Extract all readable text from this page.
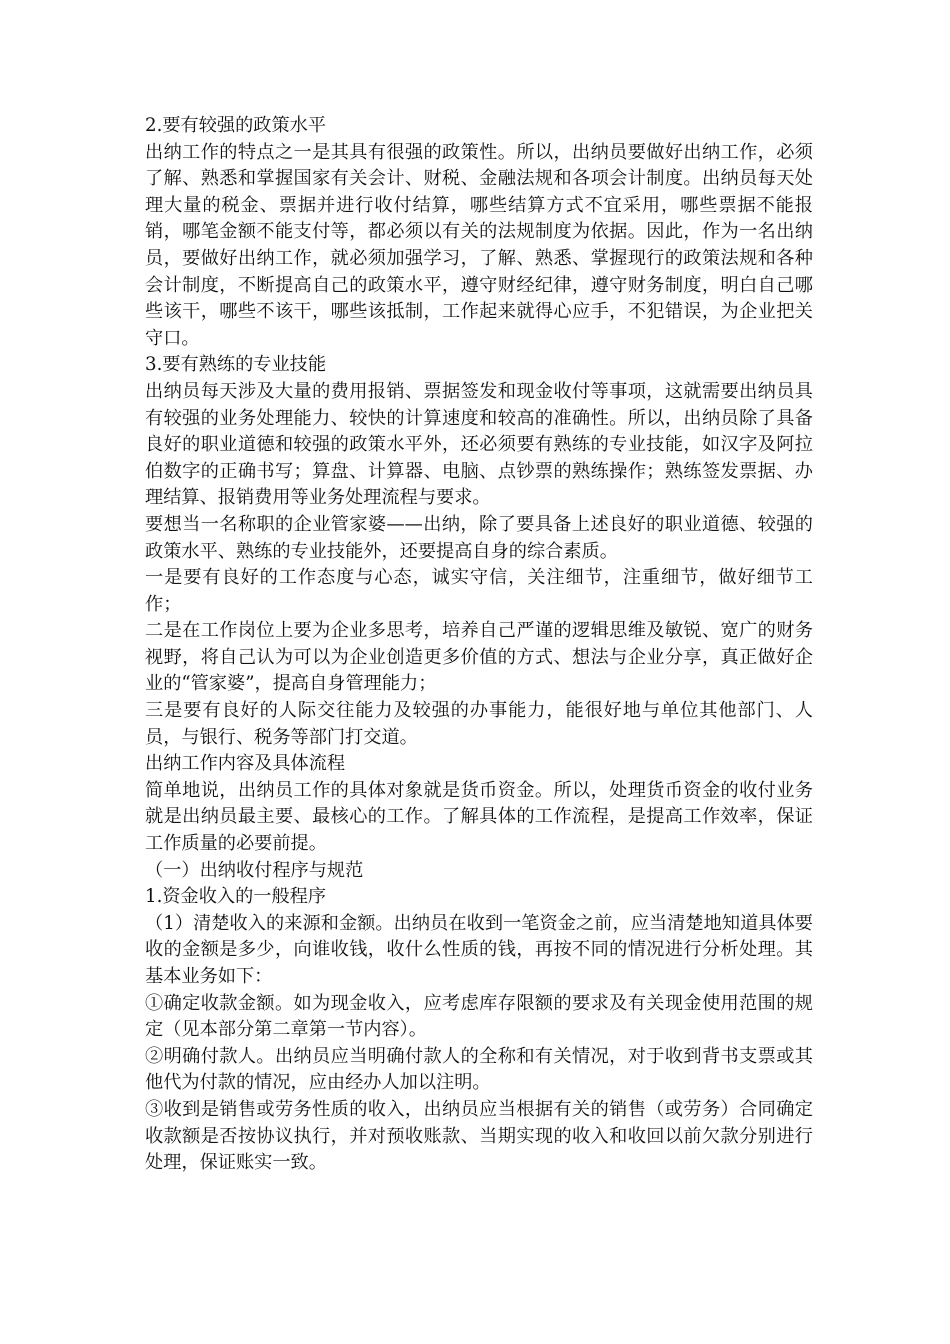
2.要有较强的政策水平

出纳工作的特点之一是其具有很强的政策性。所以，出纳员要做好出纳工作，必须了解、熟悉和掌握国家有关会计、财税、金融法规和各项会计制度。出纳员每天处理大量的税金、票据并进行收付结算，哪些结算方式不宜采用，哪些票据不能报销，哪笔金额不能支付等，都必须以有关的法规制度为依据。因此，作为一名出纳员，要做好出纳工作，就必须加强学习，了解、熟悉、掌握现行的政策法规和各种会计制度，不断提高自己的政策水平，遵守财经纪律，遵守财务制度，明白自己哪些该干，哪些不该干，哪些该抵制，工作起来就得心应手，不犯错误，为企业把关守口。

3.要有熟练的专业技能

出纳员每天涉及大量的费用报销、票据签发和现金收付等事项，这就需要出纳员具有较强的业务处理能力、较快的计算速度和较高的准确性。所以，出纳员除了具备良好的职业道德和较强的政策水平外，还必须要有熟练的专业技能，如汉字及阿拉伯数字的正确书写；算盘、计算器、电脑、点钞票的熟练操作；熟练签发票据、办理结算、报销费用等业务处理流程与要求。

要想当一名称职的企业管家婆——出纳，除了要具备上述良好的职业道德、较强的政策水平、熟练的专业技能外，还要提高自身的综合素质。

一是要有良好的工作态度与心态，诚实守信，关注细节，注重细节，做好细节工作；

二是在工作岗位上要为企业多思考，培养自己严谨的逻辑思维及敏锐、宽广的财务视野，将自己认为可以为企业创造更多价值的方式、想法与企业分享，真正做好企业的“管家婆”，提高自身管理能力；

三是要有良好的人际交往能力及较强的办事能力，能很好地与单位其他部门、人员，与银行、税务等部门打交道。

出纳工作内容及具体流程

简单地说，出纳员工作的具体对象就是货币资金。所以，处理货币资金的收付业务就是出纳员最主要、最核心的工作。了解具体的工作流程，是提高工作效率，保证工作质量的必要前提。

（一）出纳收付程序与规范

1.资金收入的一般程序

（1）清楚收入的来源和金额。出纳员在收到一笔资金之前，应当清楚地知道具体要收的金额是多少，向谁收钱，收什么性质的钱，再按不同的情况进行分析处理。其基本业务如下：

①确定收款金额。如为现金收入，应考虑库存限额的要求及有关现金使用范围的规定（见本部分第二章第一节内容）。

②明确付款人。出纳员应当明确付款人的全称和有关情况，对于收到背书支票或其他代为付款的情况，应由经办人加以注明。

③收到是销售或劳务性质的收入，出纳员应当根据有关的销售（或劳务）合同确定收款额是否按协议执行，并对预收账款、当期实现的收入和收回以前欠款分别进行处理，保证账实一致。
